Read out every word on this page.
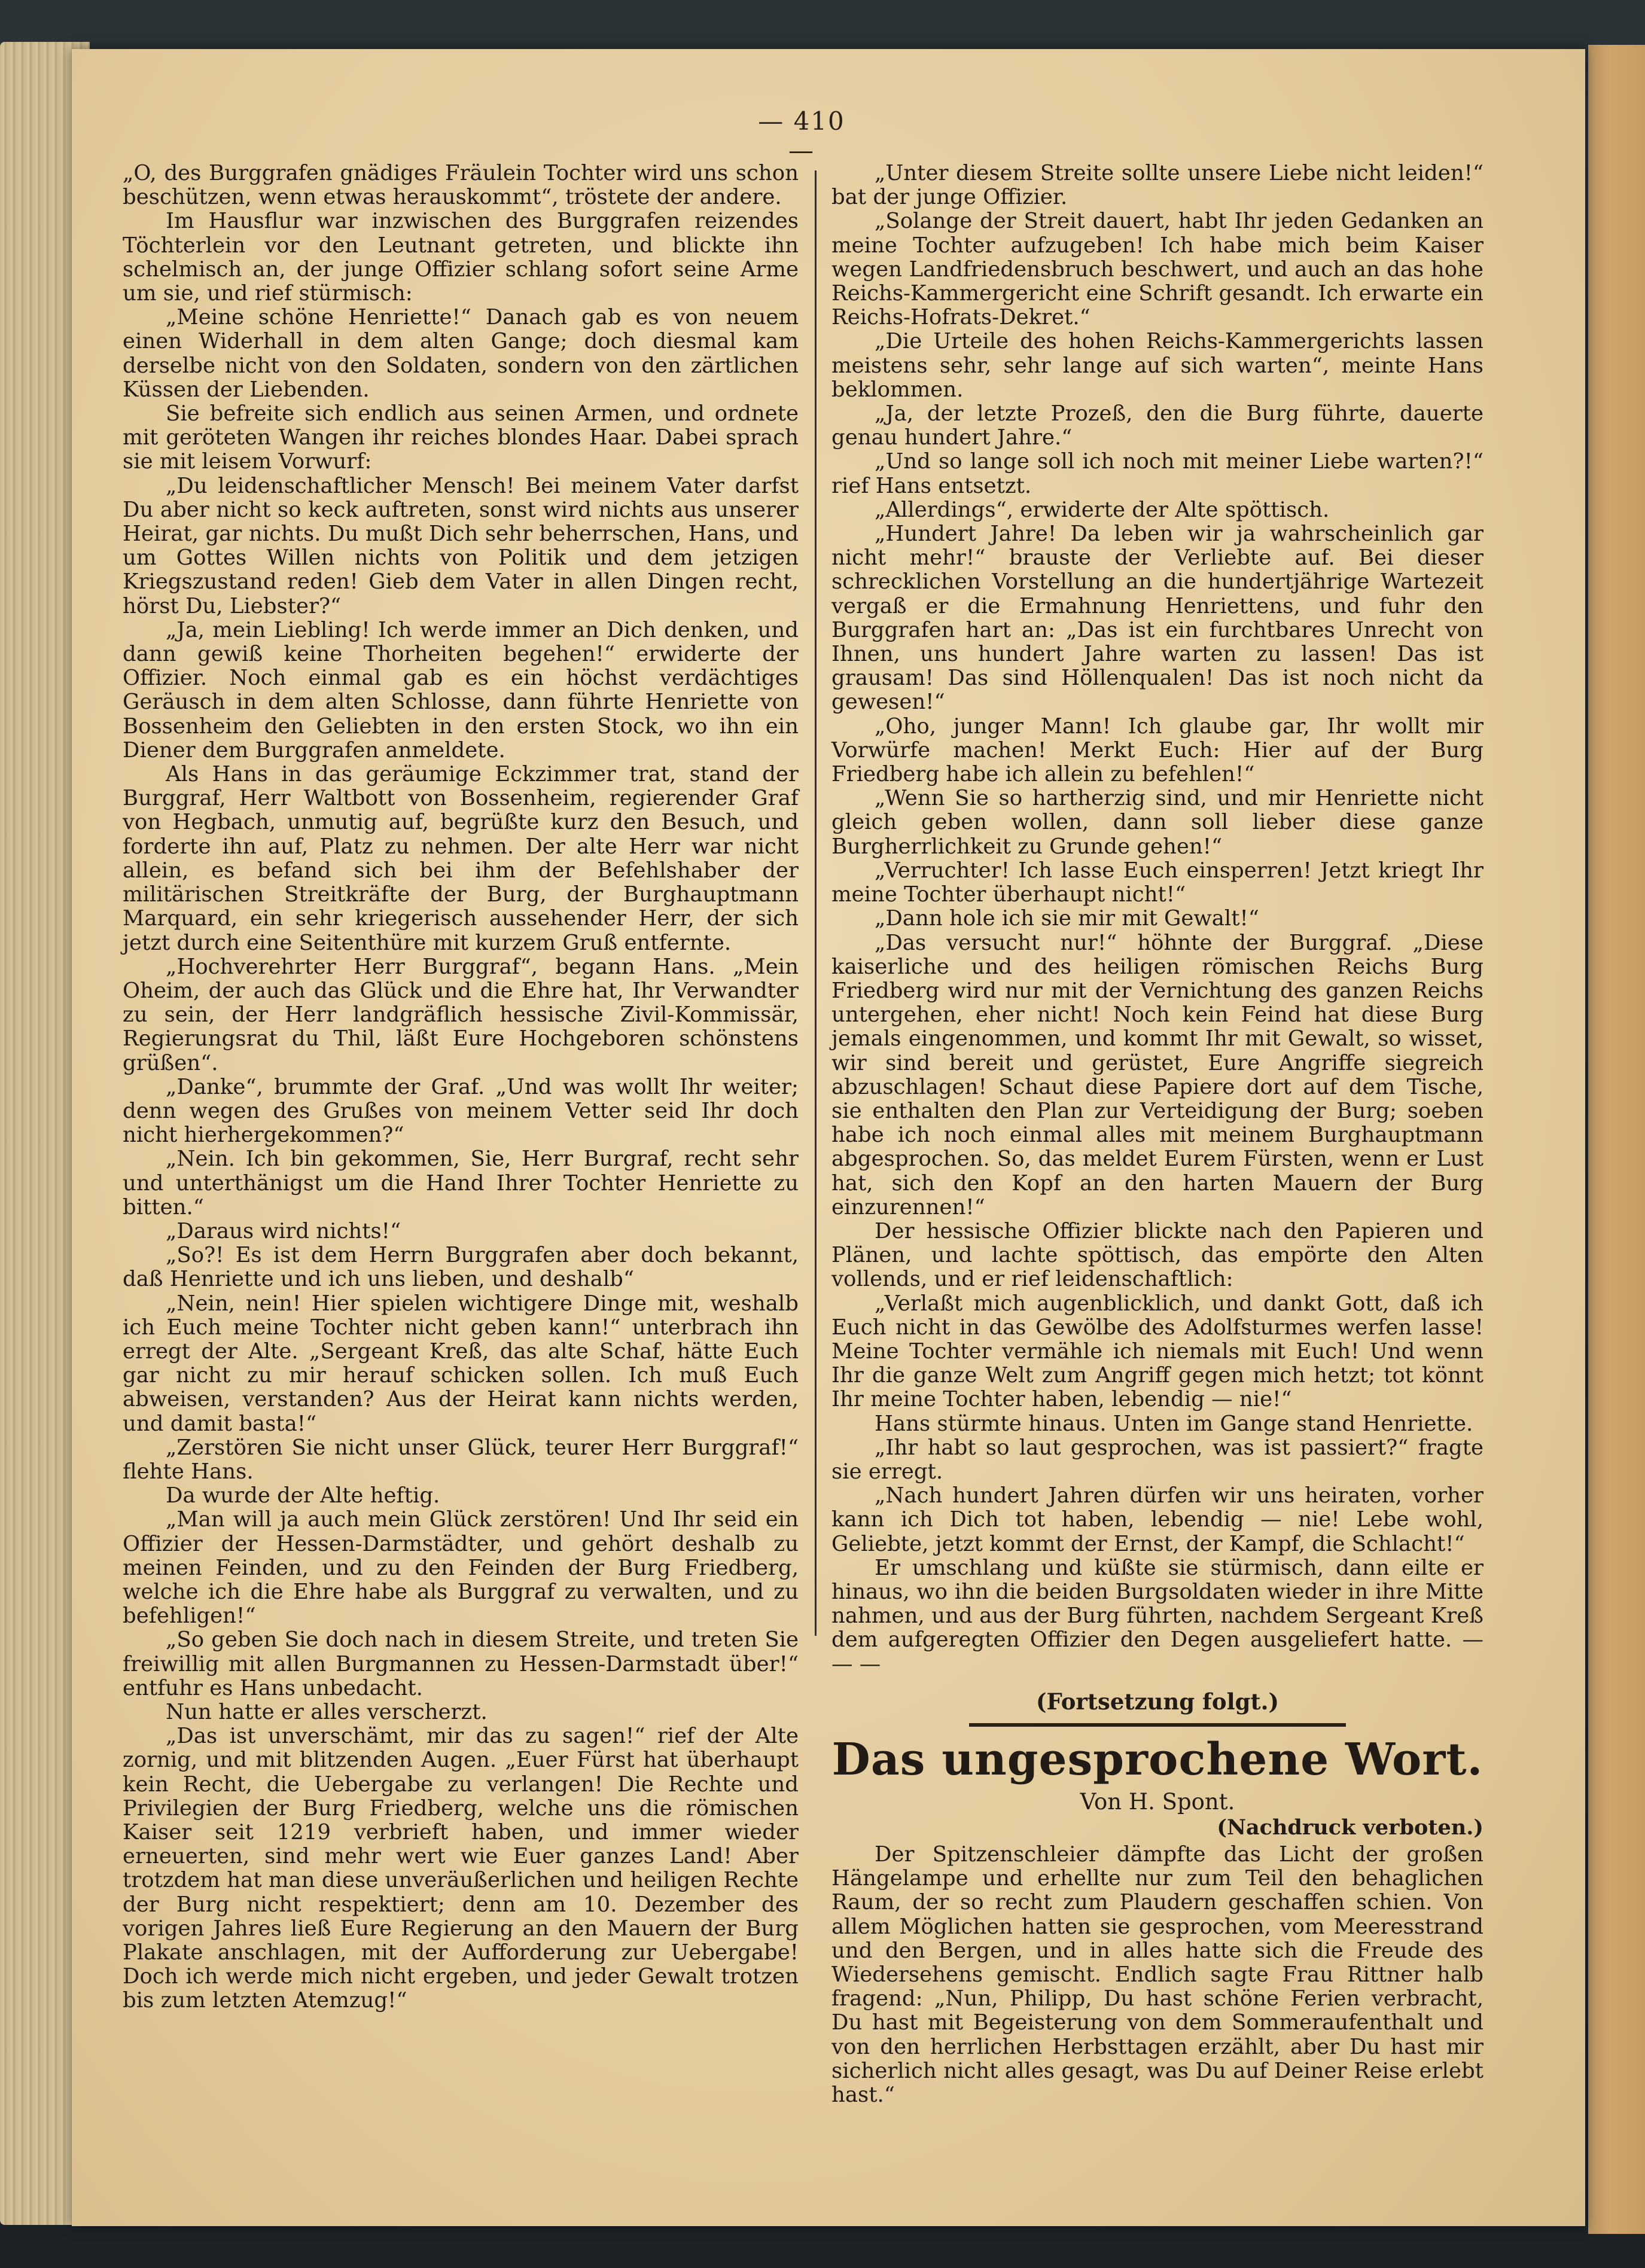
— 410 —

„O, des Burggrafen gnädiges Fräulein Tochter wird uns schon beschützen, wenn etwas herauskommt“, tröstete der andere.

Im Hausflur war inzwischen des Burggrafen reizendes Töchterlein vor den Leutnant getreten, und blickte ihn schelmisch an, der junge Offizier schlang sofort seine Arme um sie, und rief stürmisch:

„Meine schöne Henriette!“ Danach gab es von neuem einen Widerhall in dem alten Gange; doch diesmal kam derselbe nicht von den Soldaten, sondern von den zärtlichen Küssen der Liebenden.

Sie befreite sich endlich aus seinen Armen, und ordnete mit geröteten Wangen ihr reiches blondes Haar. Dabei sprach sie mit leisem Vorwurf:

„Du leidenschaftlicher Mensch! Bei meinem Vater darfst Du aber nicht so keck auftreten, sonst wird nichts aus unserer Heirat, gar nichts. Du mußt Dich sehr beherrschen, Hans, und um Gottes Willen nichts von Politik und dem jetzigen Kriegszustand reden! Gieb dem Vater in allen Dingen recht, hörst Du, Liebster?“

„Ja, mein Liebling! Ich werde immer an Dich denken, und dann gewiß keine Thorheiten begehen!“ erwiderte der Offizier. Noch einmal gab es ein höchst verdächtiges Geräusch in dem alten Schlosse, dann führte Henriette von Bossenheim den Geliebten in den ersten Stock, wo ihn ein Diener dem Burggrafen anmeldete.

Als Hans in das geräumige Eckzimmer trat, stand der Burggraf, Herr Waltbott von Bossenheim, regierender Graf von Hegbach, unmutig auf, begrüßte kurz den Besuch, und forderte ihn auf, Platz zu nehmen. Der alte Herr war nicht allein, es befand sich bei ihm der Befehlshaber der militärischen Streitkräfte der Burg, der Burghauptmann Marquard, ein sehr kriegerisch aussehender Herr, der sich jetzt durch eine Seitenthüre mit kurzem Gruß entfernte.

„Hochverehrter Herr Burggraf“, begann Hans. „Mein Oheim, der auch das Glück und die Ehre hat, Ihr Verwandter zu sein, der Herr landgräflich hessische Zivil-Kommissär, Regierungsrat du Thil, läßt Eure Hochgeboren schönstens grüßen“.

„Danke“, brummte der Graf. „Und was wollt Ihr weiter; denn wegen des Grußes von meinem Vetter seid Ihr doch nicht hierhergekommen?“

„Nein. Ich bin gekommen, Sie, Herr Burgraf, recht sehr und unterthänigst um die Hand Ihrer Tochter Henriette zu bitten.“

„Daraus wird nichts!“

„So?! Es ist dem Herrn Burggrafen aber doch bekannt, daß Henriette und ich uns lieben, und deshalb“

„Nein, nein! Hier spielen wichtigere Dinge mit, weshalb ich Euch meine Tochter nicht geben kann!“ unterbrach ihn erregt der Alte. „Sergeant Kreß, das alte Schaf, hätte Euch gar nicht zu mir herauf schicken sollen. Ich muß Euch abweisen, verstanden? Aus der Heirat kann nichts werden, und damit basta!“

„Zerstören Sie nicht unser Glück, teurer Herr Burggraf!“ flehte Hans.

Da wurde der Alte heftig.

„Man will ja auch mein Glück zerstören! Und Ihr seid ein Offizier der Hessen-Darmstädter, und gehört deshalb zu meinen Feinden, und zu den Feinden der Burg Friedberg, welche ich die Ehre habe als Burggraf zu verwalten, und zu befehligen!“

„So geben Sie doch nach in diesem Streite, und treten Sie freiwillig mit allen Burgmannen zu Hessen-Darmstadt über!“ entfuhr es Hans unbedacht.

Nun hatte er alles verscherzt.

„Das ist unverschämt, mir das zu sagen!“ rief der Alte zornig, und mit blitzenden Augen. „Euer Fürst hat überhaupt kein Recht, die Uebergabe zu verlangen! Die Rechte und Privilegien der Burg Friedberg, welche uns die römischen Kaiser seit 1219 verbrieft haben, und immer wieder erneuerten, sind mehr wert wie Euer ganzes Land! Aber trotzdem hat man diese unveräußerlichen und heiligen Rechte der Burg nicht respektiert; denn am 10. Dezember des vorigen Jahres ließ Eure Regierung an den Mauern der Burg Plakate anschlagen, mit der Aufforderung zur Uebergabe! Doch ich werde mich nicht ergeben, und jeder Gewalt trotzen bis zum letzten Atemzug!“

„Unter diesem Streite sollte unsere Liebe nicht leiden!“ bat der junge Offizier.

„Solange der Streit dauert, habt Ihr jeden Gedanken an meine Tochter aufzugeben! Ich habe mich beim Kaiser wegen Landfriedensbruch beschwert, und auch an das hohe Reichs-Kammergericht eine Schrift gesandt. Ich erwarte ein Reichs-Hofrats-Dekret.“

„Die Urteile des hohen Reichs-Kammergerichts lassen meistens sehr, sehr lange auf sich warten“, meinte Hans beklommen.

„Ja, der letzte Prozeß, den die Burg führte, dauerte genau hundert Jahre.“

„Und so lange soll ich noch mit meiner Liebe warten?!“ rief Hans entsetzt.

„Allerdings“, erwiderte der Alte spöttisch.

„Hundert Jahre! Da leben wir ja wahrscheinlich gar nicht mehr!“ brauste der Verliebte auf. Bei dieser schrecklichen Vorstellung an die hundertjährige Wartezeit vergaß er die Ermahnung Henriettens, und fuhr den Burggrafen hart an: „Das ist ein furchtbares Unrecht von Ihnen, uns hundert Jahre warten zu lassen! Das ist grausam! Das sind Höllenqualen! Das ist noch nicht da gewesen!“

„Oho, junger Mann! Ich glaube gar, Ihr wollt mir Vorwürfe machen! Merkt Euch: Hier auf der Burg Friedberg habe ich allein zu befehlen!“

„Wenn Sie so hartherzig sind, und mir Henriette nicht gleich geben wollen, dann soll lieber diese ganze Burgherrlichkeit zu Grunde gehen!“

„Verruchter! Ich lasse Euch einsperren! Jetzt kriegt Ihr meine Tochter überhaupt nicht!“

„Dann hole ich sie mir mit Gewalt!“

„Das versucht nur!“ höhnte der Burggraf. „Diese kaiserliche und des heiligen römischen Reichs Burg Friedberg wird nur mit der Vernichtung des ganzen Reichs untergehen, eher nicht! Noch kein Feind hat diese Burg jemals eingenommen, und kommt Ihr mit Gewalt, so wisset, wir sind bereit und gerüstet, Eure Angriffe siegreich abzuschlagen! Schaut diese Papiere dort auf dem Tische, sie enthalten den Plan zur Verteidigung der Burg; soeben habe ich noch einmal alles mit meinem Burghauptmann abgesprochen. So, das meldet Eurem Fürsten, wenn er Lust hat, sich den Kopf an den harten Mauern der Burg einzurennen!“

Der hessische Offizier blickte nach den Papieren und Plänen, und lachte spöttisch, das empörte den Alten vollends, und er rief leidenschaftlich:

„Verlaßt mich augenblicklich, und dankt Gott, daß ich Euch nicht in das Gewölbe des Adolfsturmes werfen lasse! Meine Tochter vermähle ich niemals mit Euch! Und wenn Ihr die ganze Welt zum Angriff gegen mich hetzt; tot könnt Ihr meine Tochter haben, lebendig — nie!“

Hans stürmte hinaus. Unten im Gange stand Henriette.

„Ihr habt so laut gesprochen, was ist passiert?“ fragte sie erregt.

„Nach hundert Jahren dürfen wir uns heiraten, vorher kann ich Dich tot haben, lebendig — nie! Lebe wohl, Geliebte, jetzt kommt der Ernst, der Kampf, die Schlacht!“

Er umschlang und küßte sie stürmisch, dann eilte er hinaus, wo ihn die beiden Burgsoldaten wieder in ihre Mitte nahmen, und aus der Burg führten, nachdem Sergeant Kreß dem aufgeregten Offizier den Degen ausgeliefert hatte. — — —

(Fortsetzung folgt.)
Das ungesprochene Wort.
Von H. Spont.
(Nachdruck verboten.)

Der Spitzenschleier dämpfte das Licht der großen Hängelampe und erhellte nur zum Teil den behaglichen Raum, der so recht zum Plaudern geschaffen schien. Von allem Möglichen hatten sie gesprochen, vom Meeresstrand und den Bergen, und in alles hatte sich die Freude des Wiedersehens gemischt. Endlich sagte Frau Rittner halb fragend: „Nun, Philipp, Du hast schöne Ferien verbracht, Du hast mit Begeisterung von dem Sommeraufenthalt und von den herrlichen Herbsttagen erzählt, aber Du hast mir sicherlich nicht alles gesagt, was Du auf Deiner Reise erlebt hast.“
